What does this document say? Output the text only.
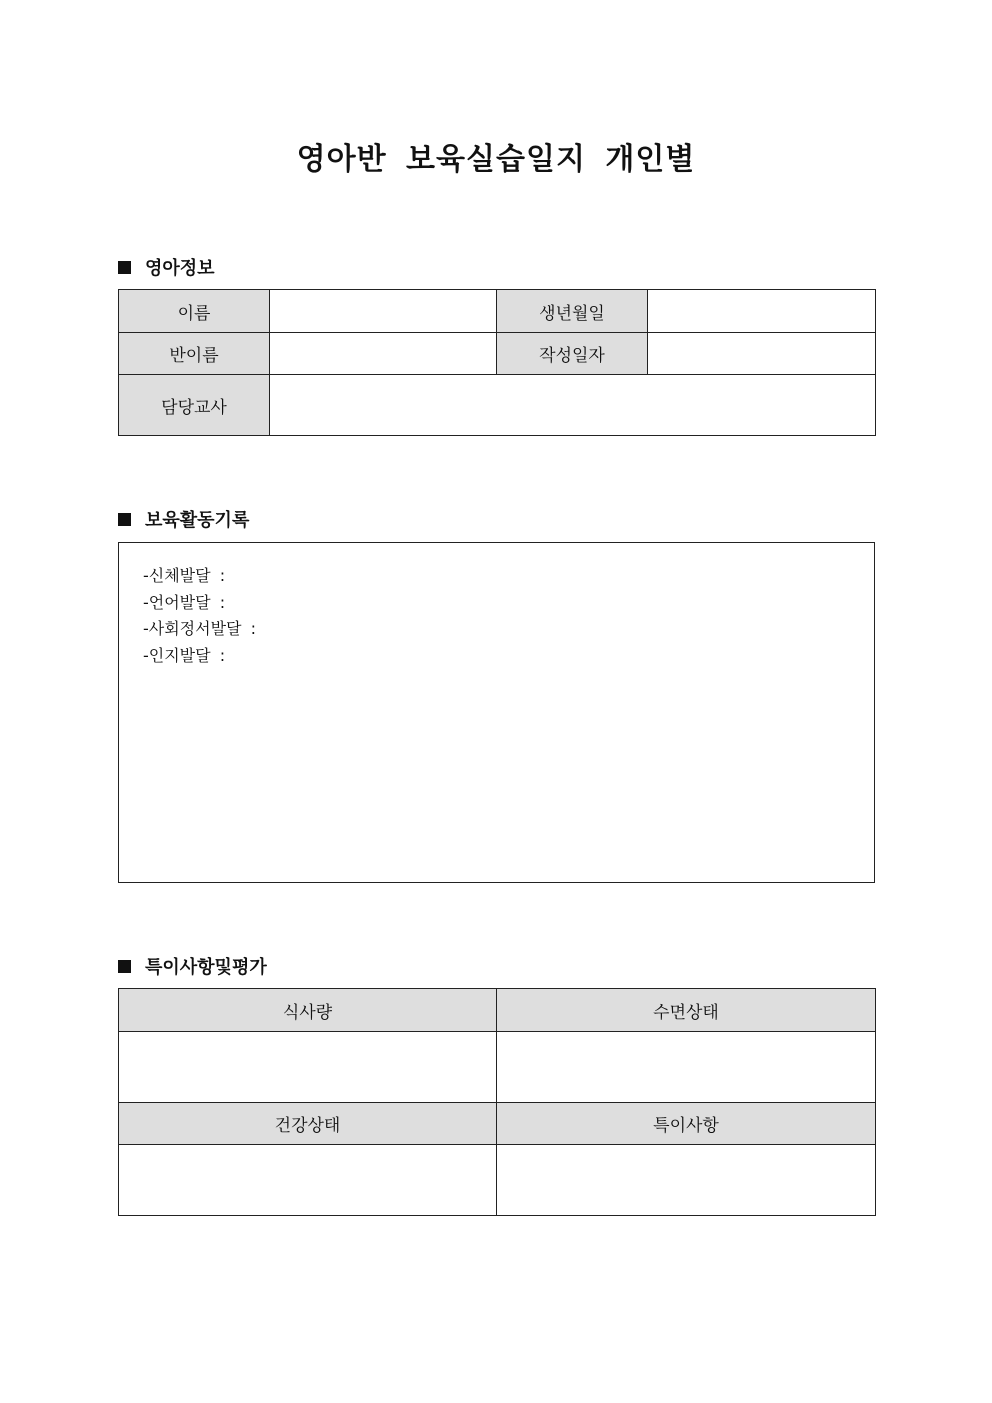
영아반 보육실습일지 개인별
영아정보
이름		생년월일	
반이름		작성일자	
담당교사			
보육활동기록
-신체발달 :
-언어발달 :
-사회정서발달 :
-인지발달 :
특이사항및평가
식사량	수면상태

건강상태	특이사항
